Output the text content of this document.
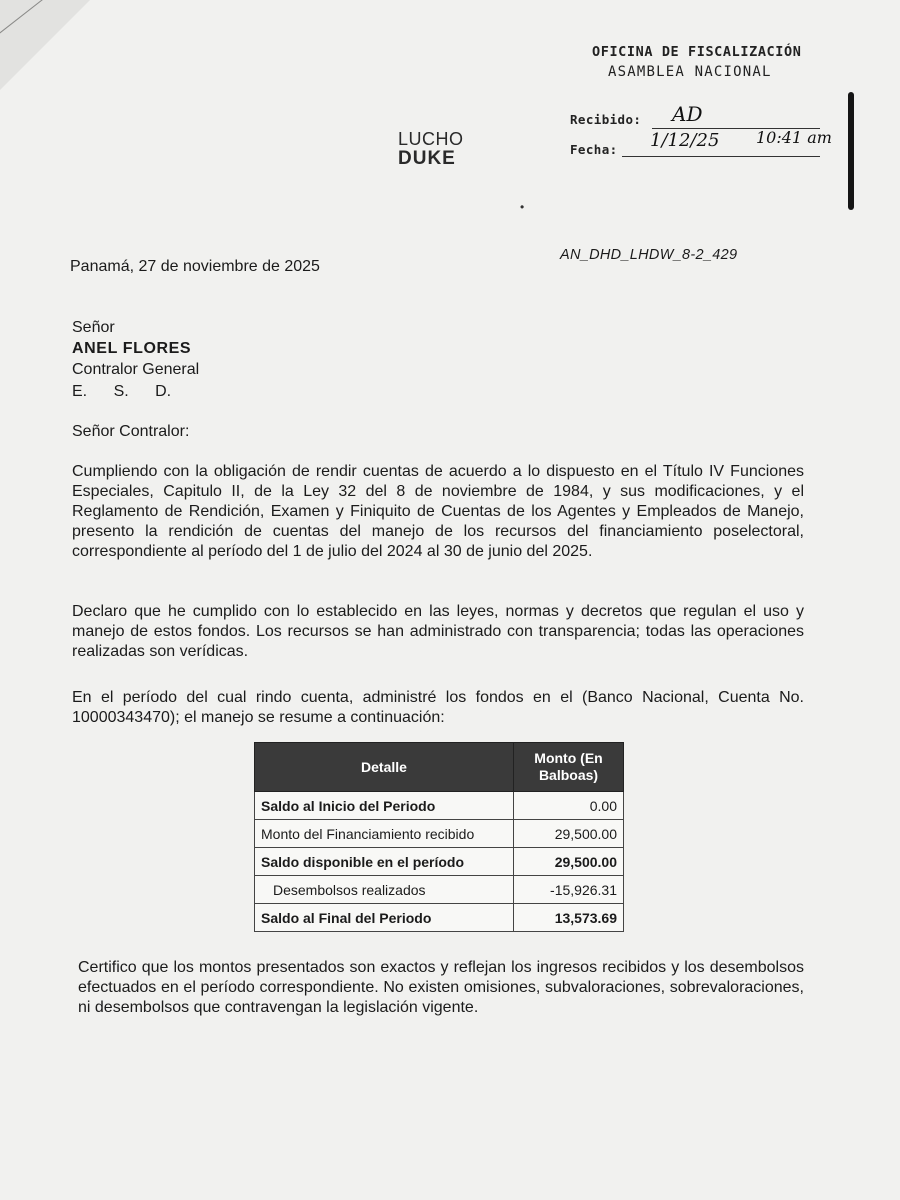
OFICINA DE FISCALIZACIÓN
ASAMBLEA NACIONAL
Recibido: AD
Fecha: 1/12/25 10:41 am
LUCHO
DUKE
•
AN_DHD_LHDW_8-2_429
Panamá, 27 de noviembre de 2025
Señor
ANEL FLORES
Contralor General
E. S. D.
Señor Contralor:
Cumpliendo con la obligación de rendir cuentas de acuerdo a lo dispuesto en el Título IV Funciones Especiales, Capitulo II, de la Ley 32 del 8 de noviembre de 1984, y sus modificaciones, y el Reglamento de Rendición, Examen y Finiquito de Cuentas de los Agentes y Empleados de Manejo, presento la rendición de cuentas del manejo de los recursos del financiamiento poselectoral, correspondiente al período del 1 de julio del 2024 al 30 de junio del 2025.
Declaro que he cumplido con lo establecido en las leyes, normas y decretos que regulan el uso y manejo de estos fondos. Los recursos se han administrado con transparencia; todas las operaciones realizadas son verídicas.
En el período del cual rindo cuenta, administré los fondos en el (Banco Nacional, Cuenta No. 10000343470); el manejo se resume a continuación:
Detalle	Monto (En Balboas)
Saldo al Inicio del Periodo	0.00
Monto del Financiamiento recibido	29,500.00
Saldo disponible en el período	29,500.00
Desembolsos realizados	-15,926.31
Saldo al Final del Periodo	13,573.69
Certifico que los montos presentados son exactos y reflejan los ingresos recibidos y los desembolsos efectuados en el período correspondiente. No existen omisiones, subvaloraciones, sobrevaloraciones, ni desembolsos que contravengan la legislación vigente.
